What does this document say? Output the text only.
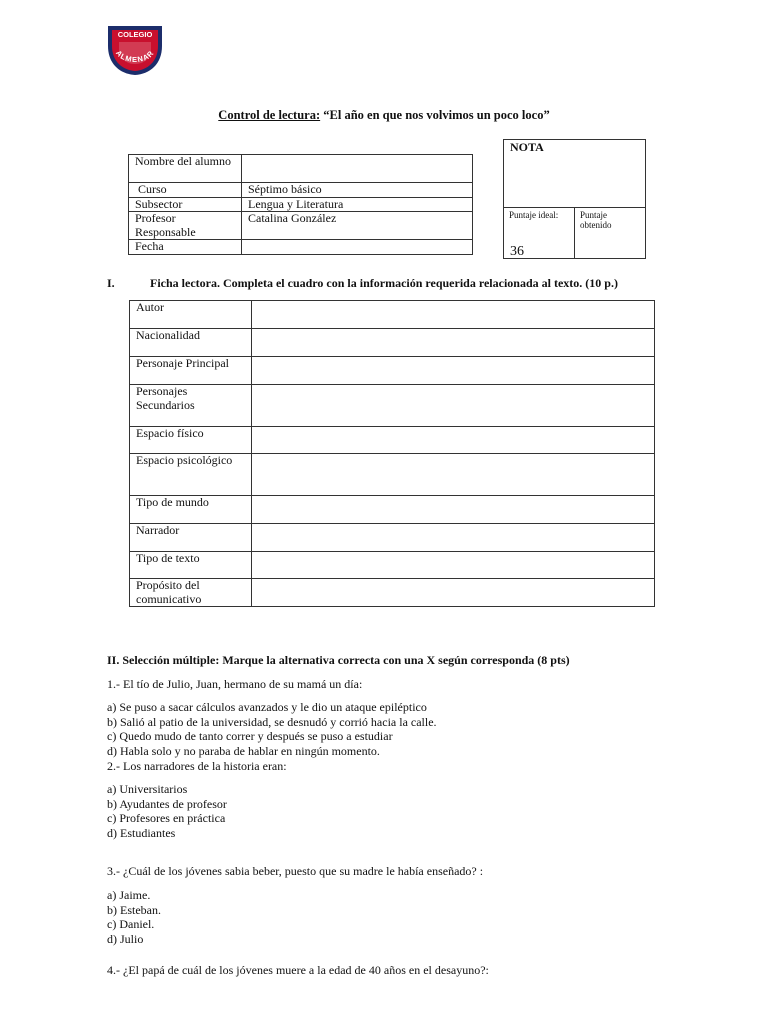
COLEGIO
ALMENAR
Control de lectura: “El año en que nos volvimos un poco loco”
Nombre del alumno	
Curso	Séptimo básico
Subsector	Lengua y Literatura
Profesor Responsable	Catalina González
Fecha	
NOTA
Puntaje ideal:
36
Puntaje obtenido
I.	Ficha lectora. Completa el cuadro con la información requerida relacionada al texto. (10 p.)
Autor	
Nacionalidad	
Personaje Principal	
Personajes Secundarios	
Espacio físico	
Espacio psicológico	
Tipo de mundo	
Narrador	
Tipo de texto	
Propósito del comunicativo	
II. Selección múltiple: Marque la alternativa correcta con una X según corresponda (8 pts)
1.- El tío de Julio, Juan, hermano de su mamá un día:
a) Se puso a sacar cálculos avanzados y le dio un ataque epiléptico
b) Salió al patio de la universidad, se desnudó y corrió hacia la calle.
c) Quedo mudo de tanto correr y después se puso a estudiar
d) Habla solo y no paraba de hablar en ningún momento.
2.- Los narradores de la historia eran:
a) Universitarios
b) Ayudantes de profesor
c) Profesores en práctica
d) Estudiantes
3.- ¿Cuál de los jóvenes sabia beber, puesto que su madre le había enseñado? :
a) Jaime.
b) Esteban.
c) Daniel.
d) Julio
4.- ¿El papá de cuál de los jóvenes muere a la edad de 40 años en el desayuno?:
